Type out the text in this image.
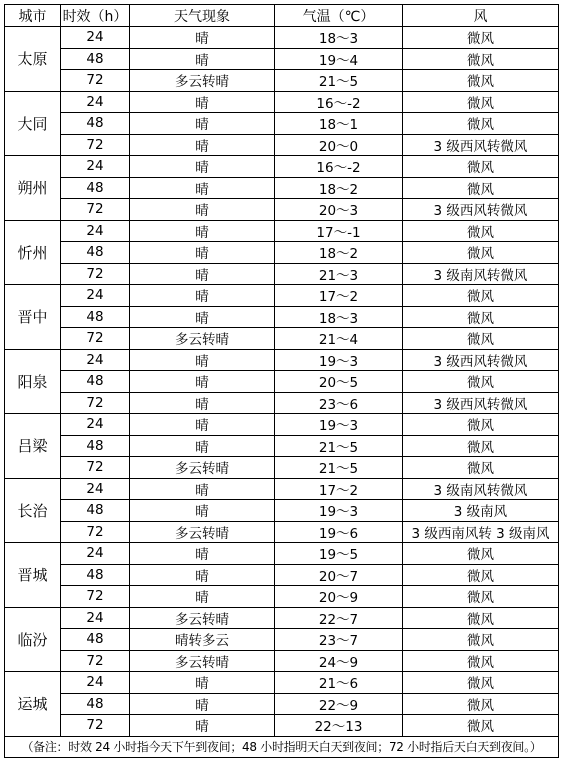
城市	时效（h）	天气现象	气温（℃）	风
太原	24	晴	18～3	微风
	48	晴	19～4	微风
	72	多云转晴	21～5	微风
大同	24	晴	16～-2	微风
	48	晴	18～1	微风
	72	晴	20～0	3 级西风转微风
朔州	24	晴	16～-2	微风
	48	晴	18～2	微风
	72	晴	20～3	3 级西风转微风
忻州	24	晴	17～-1	微风
	48	晴	18～2	微风
	72	晴	21～3	3 级南风转微风
晋中	24	晴	17～2	微风
	48	晴	18～3	微风
	72	多云转晴	21～4	微风
阳泉	24	晴	19～3	3 级西风转微风
	48	晴	20～5	微风
	72	晴	23～6	3 级西风转微风
吕梁	24	晴	19～3	微风
	48	晴	21～5	微风
	72	多云转晴	21～5	微风
长治	24	晴	17～2	3 级南风转微风
	48	晴	19～3	3 级南风
	72	多云转晴	19～6	3 级西南风转 3 级南风
晋城	24	晴	19～5	微风
	48	晴	20～7	微风
	72	晴	20～9	微风
临汾	24	多云转晴	22～7	微风
	48	晴转多云	23～7	微风
	72	多云转晴	24～9	微风
运城	24	晴	21～6	微风
	48	晴	22～9	微风
	72	晴	22～13	微风
（备注：时效 24 小时指今天下午到夜间；48 小时指明天白天到夜间；72 小时指后天白天到夜间。）				
